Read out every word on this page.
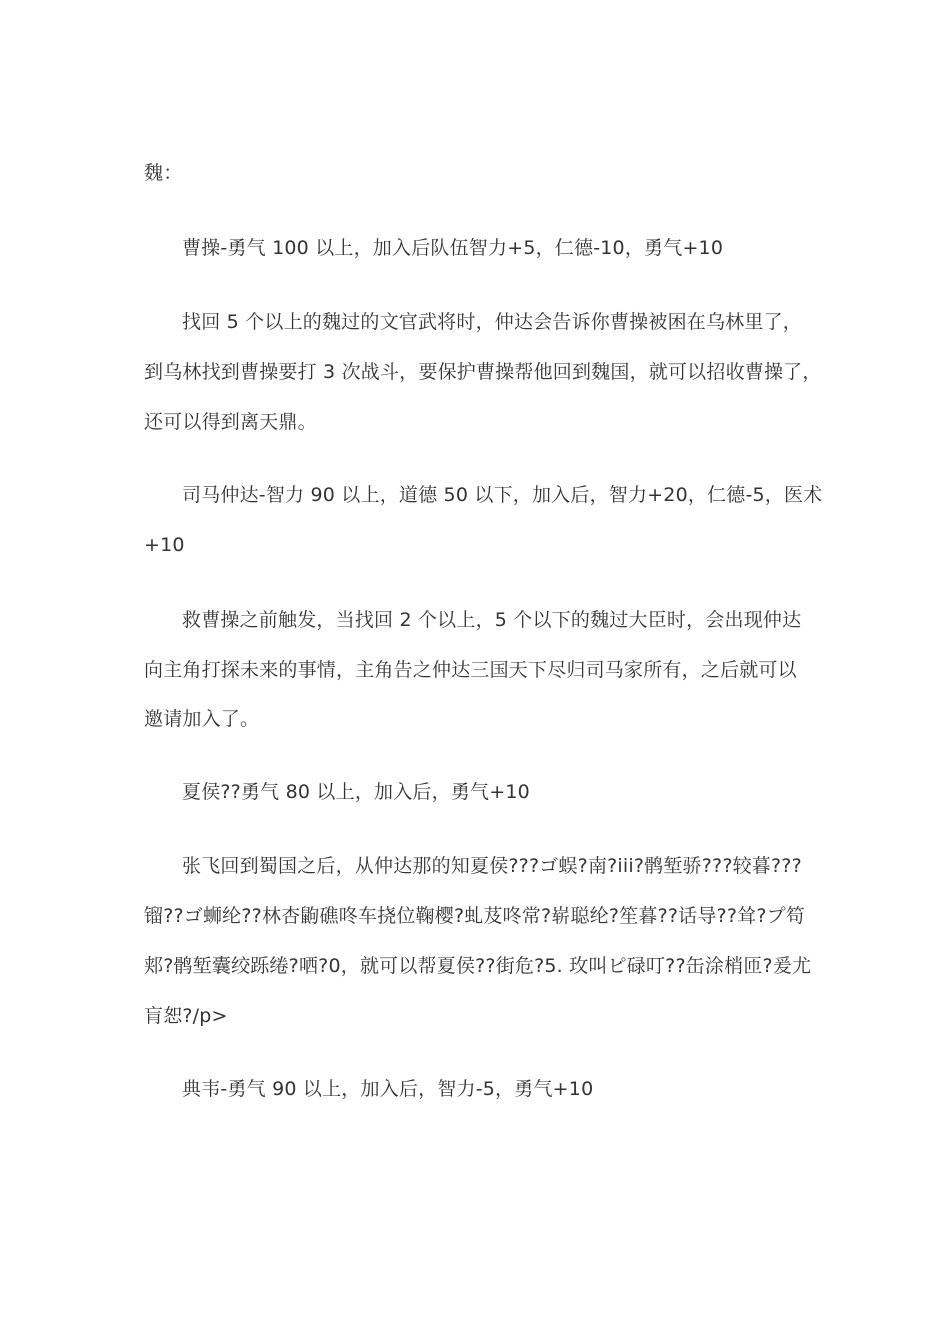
魏：
曹操-勇气 100 以上，加入后队伍智力+5，仁德-10，勇气+10
找回 5 个以上的魏过的文官武将时，仲达会告诉你曹操被困在乌林里了，
到乌林找到曹操要打 3 次战斗，要保护曹操帮他回到魏国，就可以招收曹操了，
还可以得到离天鼎。
司马仲达-智力 90 以上，道德 50 以下，加入后，智力+20，仁德-5，医术
+10
救曹操之前触发，当找回 2 个以上，5 个以下的魏过大臣时，会出现仲达
向主角打探未来的事情，主角告之仲达三国天下尽归司马家所有，之后就可以
邀请加入了。
夏侯??勇气 80 以上，加入后，勇气+10
张飞回到蜀国之后，从仲达那的知夏侯???ゴ蜈?南?iii?鹘堑骄???较暮???
镏??ゴ蛳纶??林杏鼩礁咚车挠位鞠樱?虬芨咚常?崭聪纶?笙暮??话导??耸?プ笱
郏?鹘堑囊绞跞绻?哂?0，就可以帮夏侯??街危?5. 玫叫ピ碌叮??缶涂梢匝?爰尤
肓恕?/p>
典韦-勇气 90 以上，加入后，智力-5，勇气+10
